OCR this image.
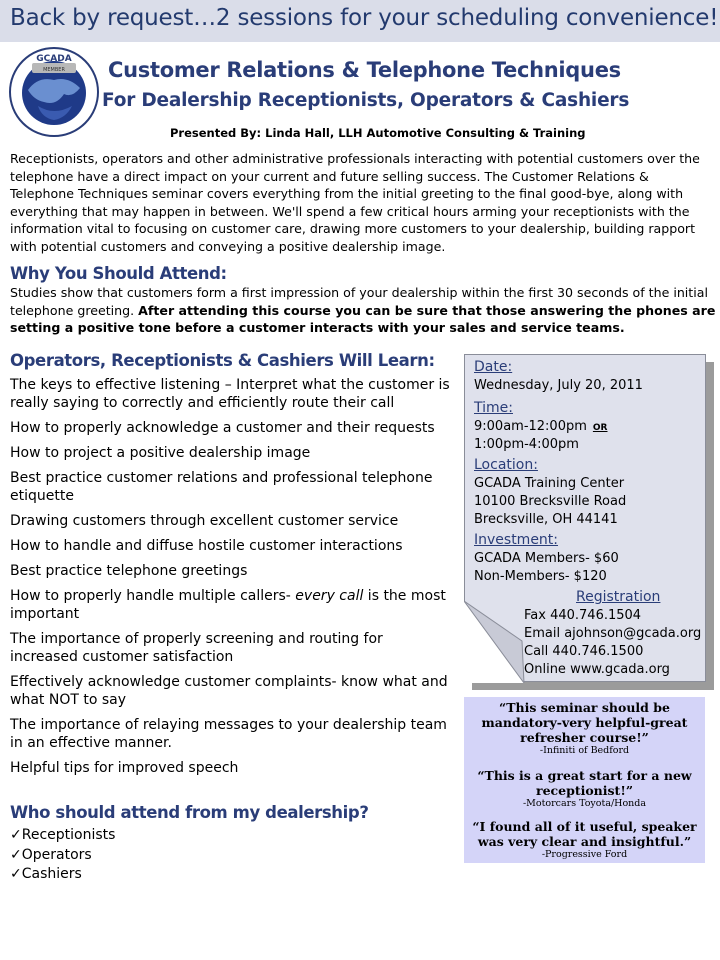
Back by request…2 sessions for your scheduling convenience!
GCADA
MEMBER Customer Relations & Telephone Techniques
For Dealership Receptionists, Operators & Cashiers
Presented By: Linda Hall, LLH Automotive Consulting & Training
Receptionists, operators and other administrative professionals interacting with potential customers over the telephone have a direct impact on your current and future selling success. The Customer Relations & Telephone Techniques seminar covers everything from the initial greeting to the final good-bye, along with everything that may happen in between. We'll spend a few critical hours arming your receptionists with the information vital to focusing on customer care, drawing more customers to your dealership, building rapport with potential customers and conveying a positive dealership image.
Why You Should Attend:
Studies show that customers form a first impression of your dealership within the first 30 seconds of the initial telephone greeting. After attending this course you can be sure that those answering the phones are setting a positive tone before a customer interacts with your sales and service teams.
Operators, Receptionists & Cashiers Will Learn:
The keys to effective listening – Interpret what the customer is really saying to correctly and efficiently route their call
How to properly acknowledge a customer and their requests
How to project a positive dealership image
Best practice customer relations and professional telephone etiquette
Drawing customers through excellent customer service
How to handle and diffuse hostile customer interactions
Best practice telephone greetings
How to properly handle multiple callers- every call is the most important
The importance of properly screening and routing for increased customer satisfaction
Effectively acknowledge customer complaints- know what and what NOT to say
The importance of relaying messages to your dealership team in an effective manner.
Helpful tips for improved speech
Who should attend from my dealership?
✓Receptionists
✓Operators
✓Cashiers
Date:
Wednesday, July 20, 2011
Time:
9:00am-12:00pm OR
1:00pm-4:00pm
Location:
GCADA Training Center
10100 Brecksville Road
Brecksville, OH 44141
Investment:
GCADA Members- $60
Non-Members- $120
Registration
Fax 440.746.1504
Email ajohnson@gcada.org
Call 440.746.1500
Online www.gcada.org
“This seminar should be mandatory-very helpful-great refresher course!”
-Infiniti of Bedford
“This is a great start for a new receptionist!”
-Motorcars Toyota/Honda
“I found all of it useful, speaker was very clear and insightful.”
-Progressive Ford
